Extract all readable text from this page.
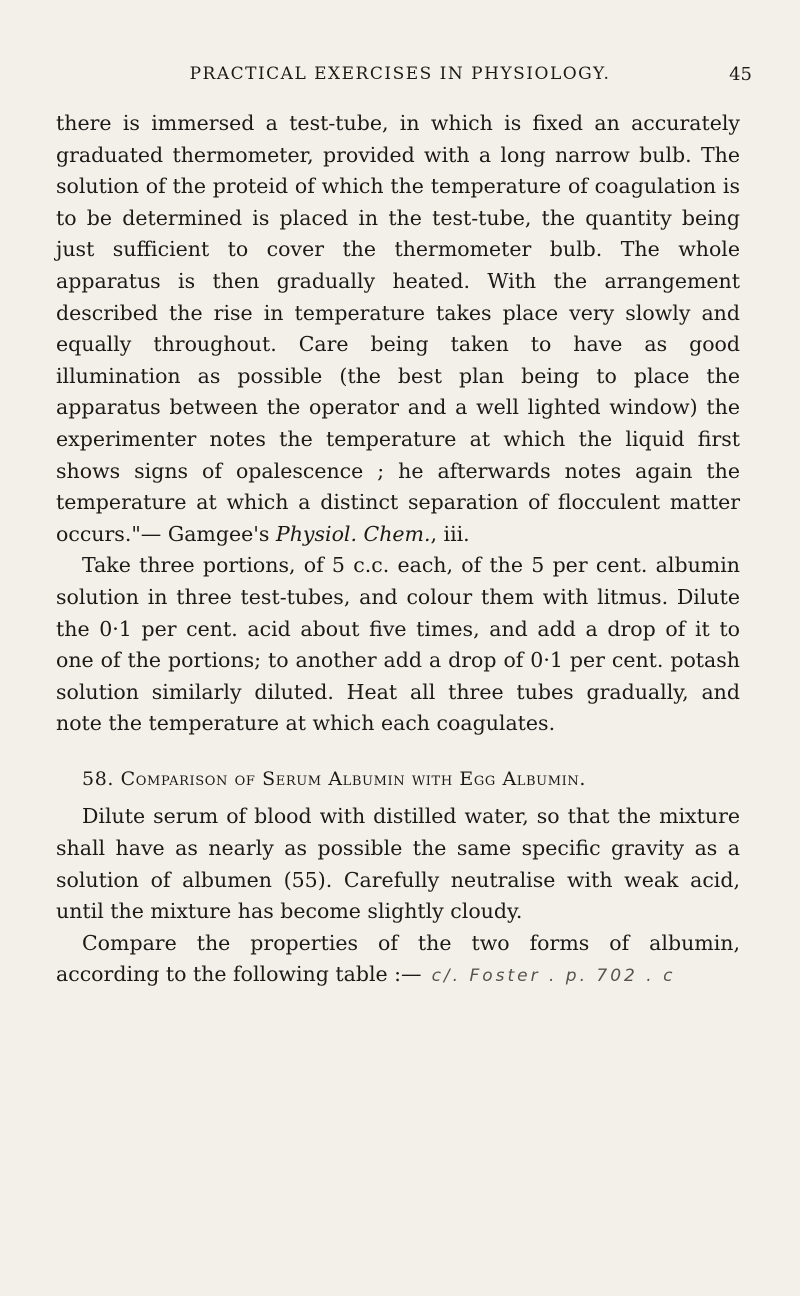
PRACTICAL EXERCISES IN PHYSIOLOGY.	45

there is immersed a test-tube, in which is fixed an accurately graduated thermometer, provided with a long narrow bulb. The solution of the proteid of which the temperature of coagulation is to be determined is placed in the test-tube, the quantity being just sufficient to cover the thermometer bulb. The whole apparatus is then gradually heated. With the arrangement described the rise in temperature takes place very slowly and equally throughout. Care being taken to have as good illumination as possible (the best plan being to place the apparatus between the operator and a well lighted window) the experimenter notes the temperature at which the liquid first shows signs of opalescence ; he afterwards notes again the temperature at which a distinct separation of flocculent matter occurs."— Gamgee's Physiol. Chem., iii.

Take three portions, of 5 c.c. each, of the 5 per cent. albumin solution in three test-tubes, and colour them with litmus. Dilute the 0·1 per cent. acid about five times, and add a drop of it to one of the portions; to another add a drop of 0·1 per cent. potash solution similarly diluted. Heat all three tubes gradually, and note the temperature at which each coagulates.

58. Comparison of Serum Albumin with Egg Albumin.

Dilute serum of blood with distilled water, so that the mixture shall have as nearly as possible the same specific gravity as a solution of albumen (55). Carefully neutralise with weak acid, until the mixture has become slightly cloudy.

Compare the properties of the two forms of albumin, according to the following table :— c/. Foster . p. 702 . c
